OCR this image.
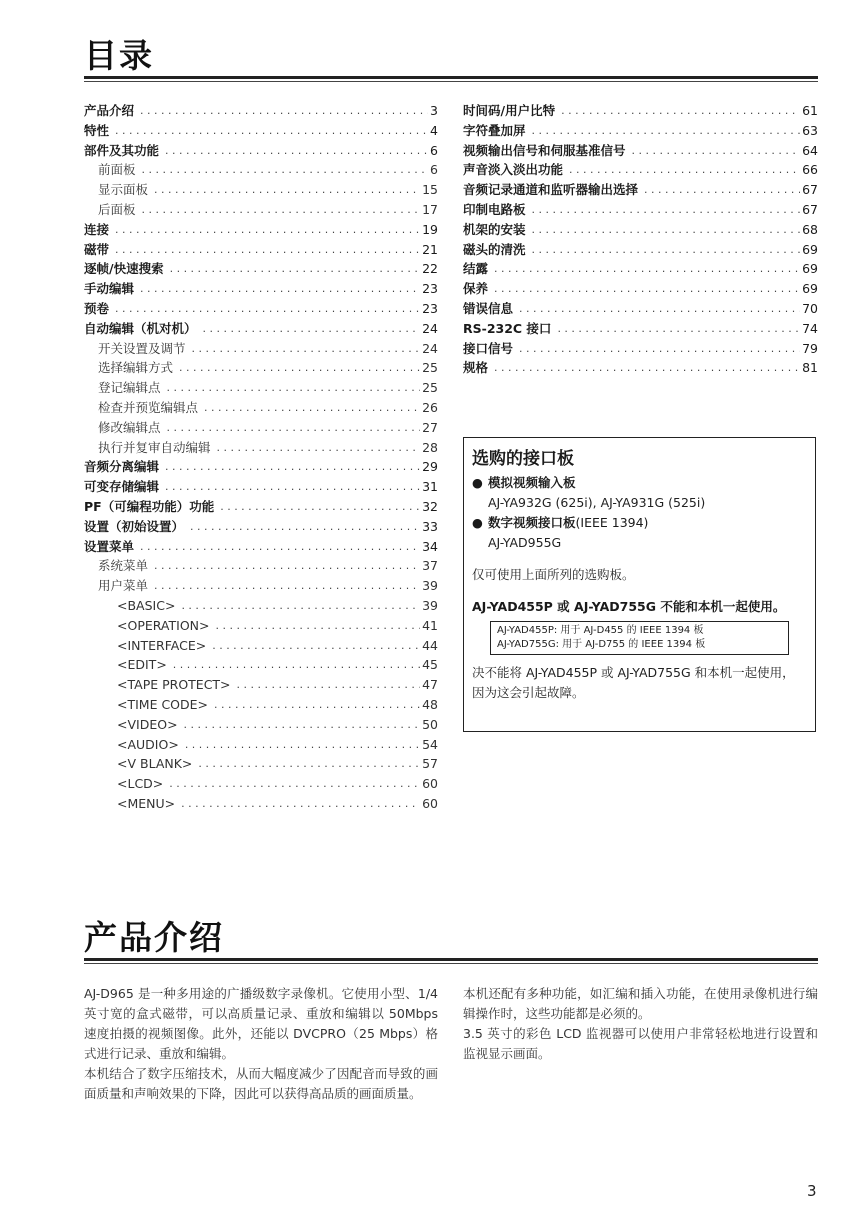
目录
产品介绍 . . .	3
特性 . . .	4
部件及其功能 . . .	6
前面板 . . .	6
显示面板 . . .	15
后面板 . . .	17
连接 . . .	19
磁带 . . .	21
逐帧/快速搜索 . . .	22
手动编辑 . . .	23
预卷 . . .	23
自动编辑（机对机） . . .	24
开关设置及调节 . . .	24
选择编辑方式 . . .	25
登记编辑点 . . .	25
检查并预览编辑点 . . .	26
修改编辑点 . . .	27
执行并复审自动编辑 . . .	28
音频分离编辑 . . .	29
可变存储编辑 . . .	31
PF（可编程功能）功能 . . .	32
设置（初始设置） . . .	33
设置菜单 . . .	34
系统菜单 . . .	37
用户菜单 . . .	39
<BASIC> . . .	39
<OPERATION> . . .	41
<INTERFACE> . . .	44
<EDIT> . . .	45
<TAPE PROTECT> . . .	47
<TIME CODE> . . .	48
<VIDEO> . . .	50
<AUDIO> . . .	54
<V BLANK> . . .	57
<LCD> . . .	60
<MENU> . . .	60
时间码/用户比特 . . .	61
字符叠加屏 . . .	63
视频输出信号和伺服基准信号 . . .	64
声音淡入淡出功能 . . .	66
音频记录通道和监听器输出选择 . . .	67
印制电路板 . . .	67
机架的安装 . . .	68
磁头的清洗 . . .	69
结露 . . .	69
保养 . . .	69
错误信息 . . .	70
RS-232C 接口 . . .	74
接口信号 . . .	79
规格 . . .	81
选购的接口板
● 模拟视频输入板
AJ-YA932G (625i), AJ-YA931G (525i)
● 数字视频接口板 (IEEE 1394)
AJ-YAD955G
仅可使用上面所列的选购板。
AJ-YAD455P 或 AJ-YAD755G 不能和本机一起使用。
AJ-YAD455P: 用于 AJ-D455 的 IEEE 1394 板
AJ-YAD755G: 用于 AJ-D755 的 IEEE 1394 板
决不能将 AJ-YAD455P 或 AJ-YAD755G 和本机一起使用，因为这会引起故障。
产品介绍

AJ-D965 是一种多用途的广播级数字录像机。它使用小型、1/4 英寸宽的盒式磁带，可以高质量记录、重放和编辑以 50Mbps 速度拍摄的视频图像。此外，还能以 DVCPRO（25 Mbps）格式进行记录、重放和编辑。

本机结合了数字压缩技术，从而大幅度减少了因配音而导致的画面质量和声响效果的下降，因此可以获得高品质的画面质量。

本机还配有多种功能，如汇编和插入功能，在使用录像机进行编辑操作时，这些功能都是必须的。

3.5 英寸的彩色 LCD 监视器可以使用户非常轻松地进行设置和监视显示画面。

3
